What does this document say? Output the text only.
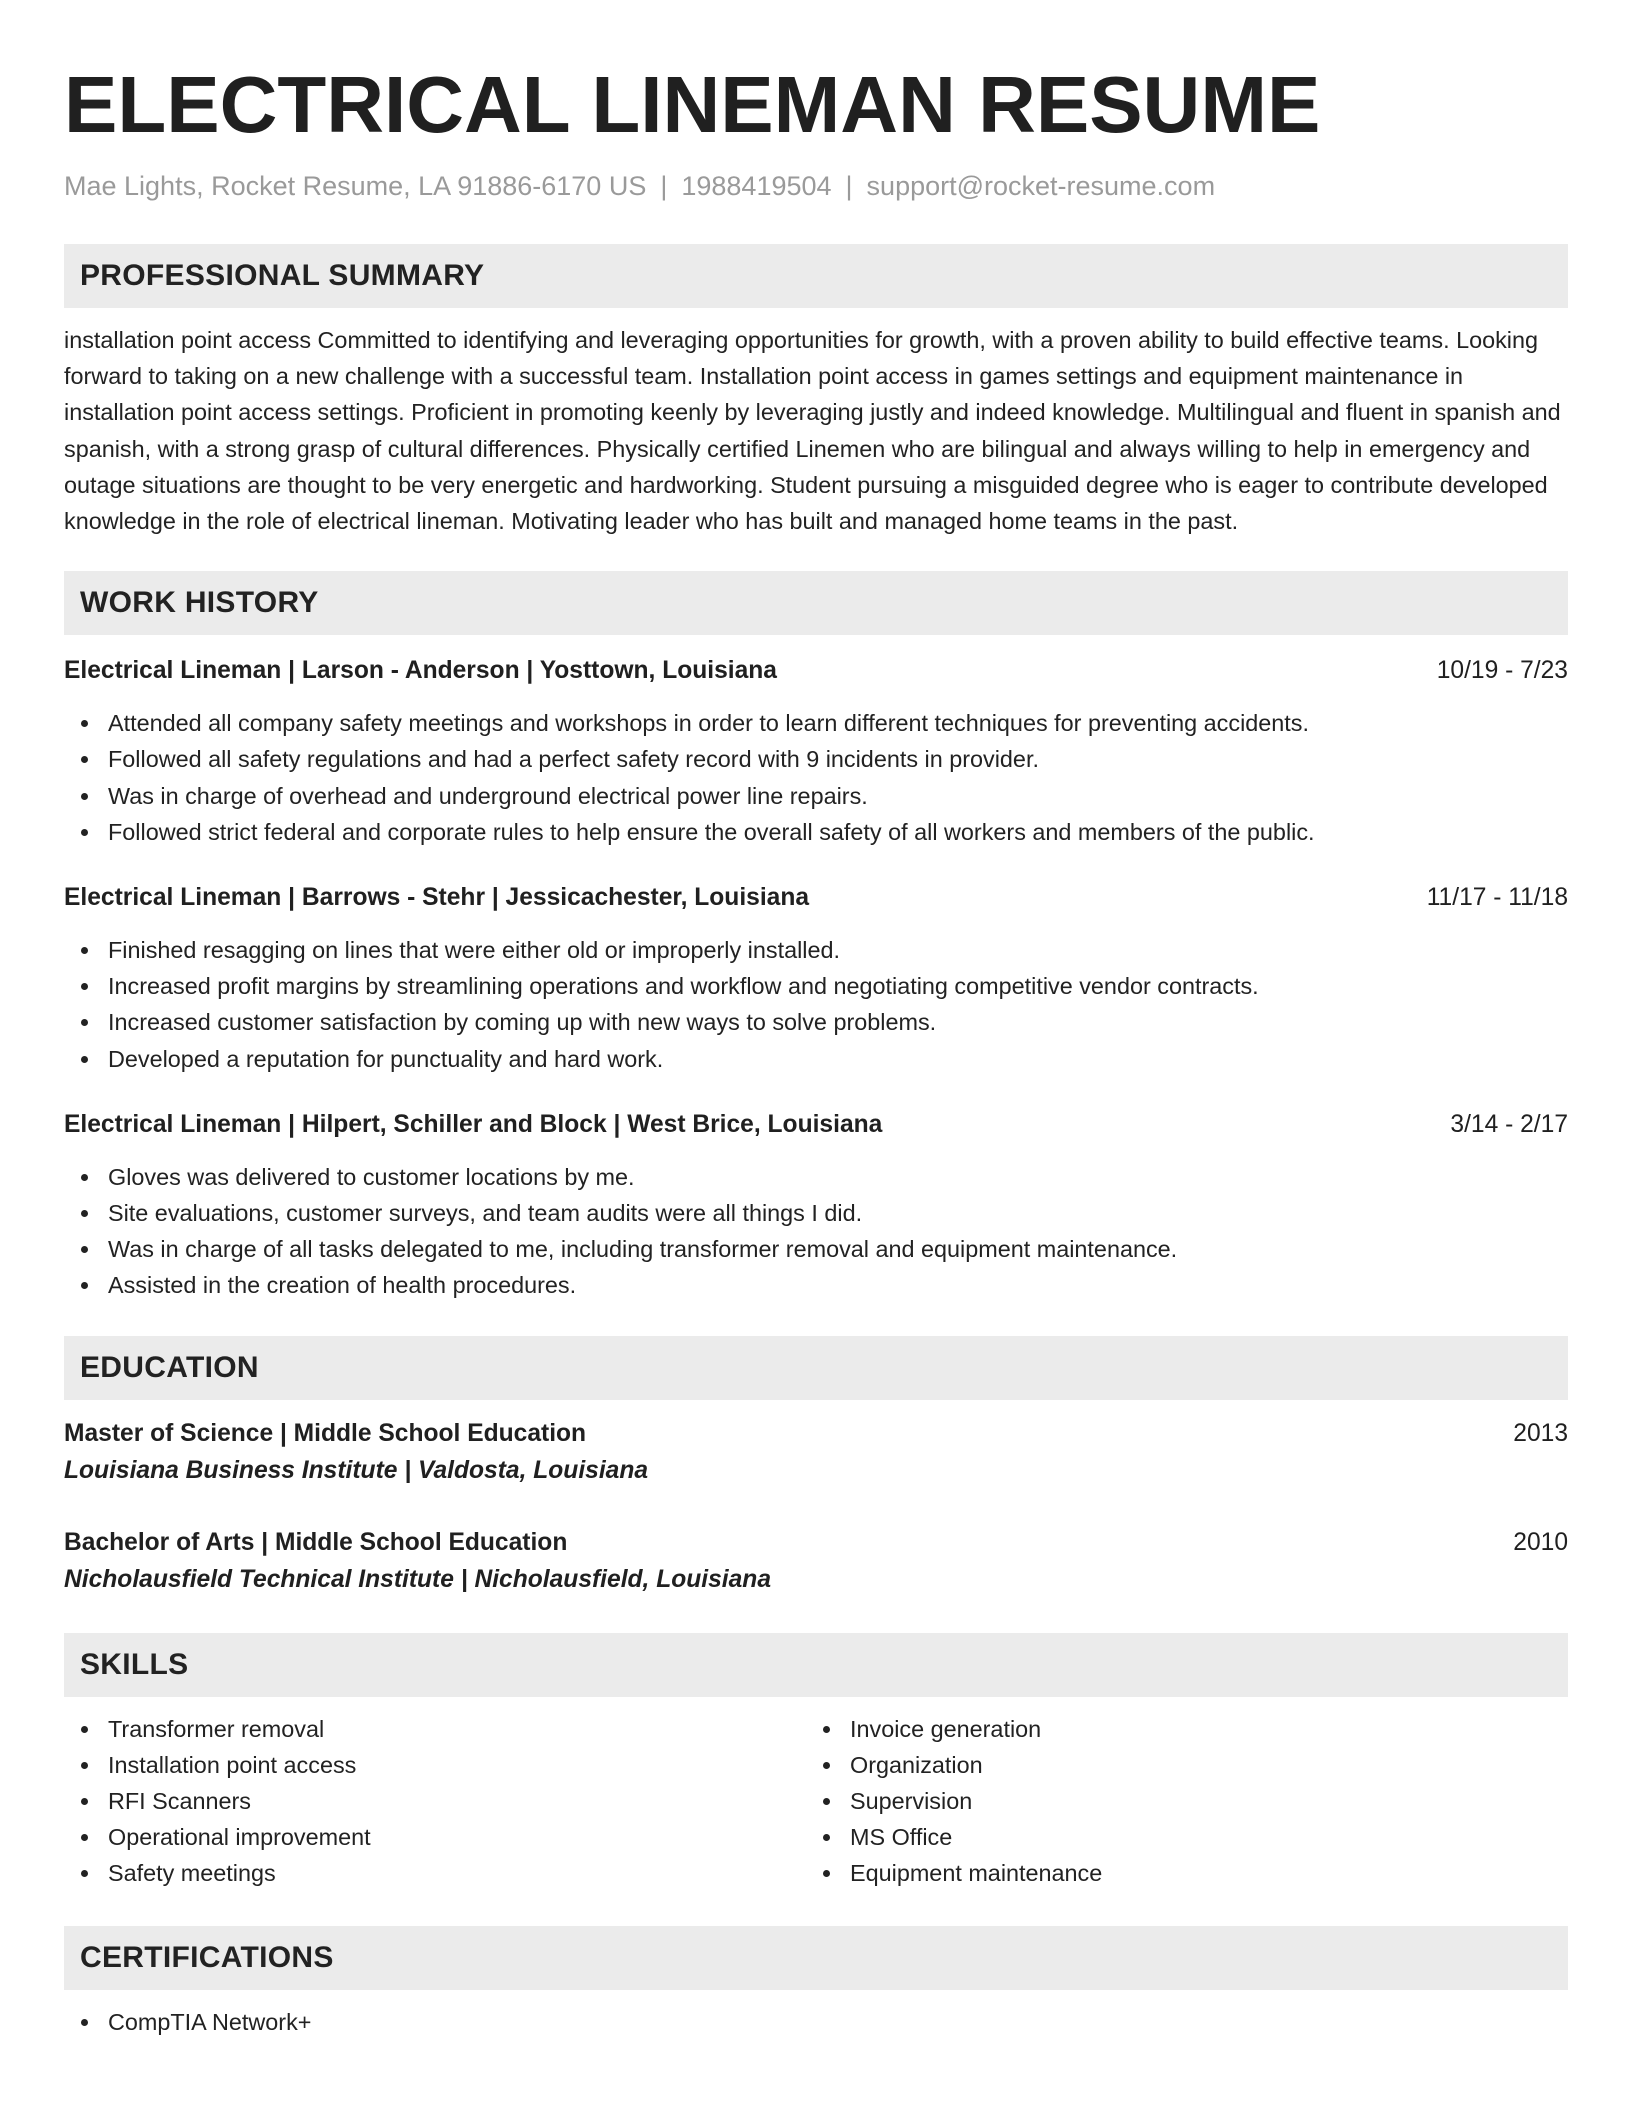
ELECTRICAL LINEMAN RESUME
Mae Lights, Rocket Resume, LA 91886-6170 US | 1988419504 | support@rocket-resume.com
PROFESSIONAL SUMMARY

installation point access Committed to identifying and leveraging opportunities for growth, with a proven ability to build effective teams. Looking forward to taking on a new challenge with a successful team. Installation point access in games settings and equipment maintenance in installation point access settings. Proficient in promoting keenly by leveraging justly and indeed knowledge. Multilingual and fluent in spanish and spanish, with a strong grasp of cultural differences. Physically certified Linemen who are bilingual and always willing to help in emergency and outage situations are thought to be very energetic and hardworking. Student pursuing a misguided degree who is eager to contribute developed knowledge in the role of electrical lineman. Motivating leader who has built and managed home teams in the past.

WORK HISTORY
Electrical Lineman | Larson - Anderson | Yosttown, Louisiana	10/19 - 7/23
Attended all company safety meetings and workshops in order to learn different techniques for preventing accidents.
Followed all safety regulations and had a perfect safety record with 9 incidents in provider.
Was in charge of overhead and underground electrical power line repairs.
Followed strict federal and corporate rules to help ensure the overall safety of all workers and members of the public.
Electrical Lineman | Barrows - Stehr | Jessicachester, Louisiana	11/17 - 11/18
Finished resagging on lines that were either old or improperly installed.
Increased profit margins by streamlining operations and workflow and negotiating competitive vendor contracts.
Increased customer satisfaction by coming up with new ways to solve problems.
Developed a reputation for punctuality and hard work.
Electrical Lineman | Hilpert, Schiller and Block | West Brice, Louisiana	3/14 - 2/17
Gloves was delivered to customer locations by me.
Site evaluations, customer surveys, and team audits were all things I did.
Was in charge of all tasks delegated to me, including transformer removal and equipment maintenance.
Assisted in the creation of health procedures.
EDUCATION
Master of Science | Middle School Education	2013
Louisiana Business Institute | Valdosta, Louisiana
Bachelor of Arts | Middle School Education	2010
Nicholausfield Technical Institute | Nicholausfield, Louisiana
SKILLS
Transformer removal
Installation point access
RFI Scanners
Operational improvement
Safety meetings
Invoice generation
Organization
Supervision
MS Office
Equipment maintenance
CERTIFICATIONS
CompTIA Network+
